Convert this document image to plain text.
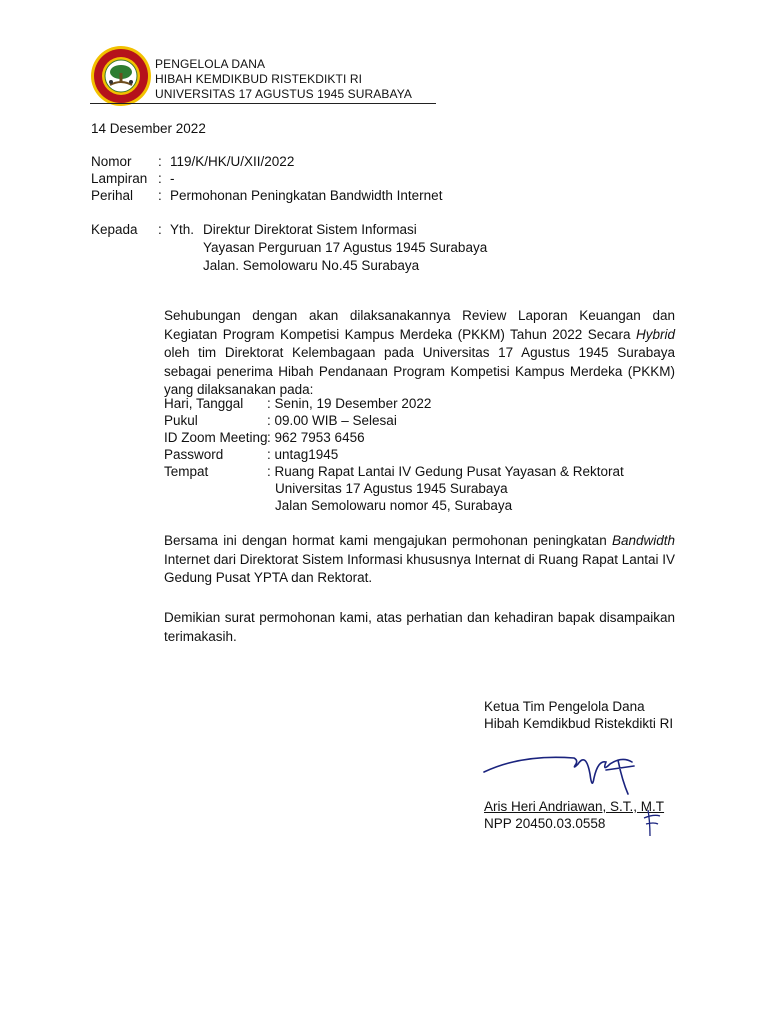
PENGELOLA DANA
HIBAH KEMDIKBUD RISTEKDIKTI RI
UNIVERSITAS 17 AGUSTUS 1945 SURABAYA
14 Desember 2022
Nomor : 119/K/HK/U/XII/2022
Lampiran : -
Perihal : Permohonan Peningkatan Bandwidth Internet
Kepada : Yth. Direktur Direktorat Sistem Informasi
Yayasan Perguruan 17 Agustus 1945 Surabaya
Jalan. Semolowaru No.45 Surabaya

Sehubungan dengan akan dilaksanakannya Review Laporan Keuangan dan Kegiatan Program Kompetisi Kampus Merdeka (PKKM) Tahun 2022 Secara Hybrid oleh tim Direktorat Kelembagaan pada Universitas 17 Agustus 1945 Surabaya sebagai penerima Hibah Pendanaan Program Kompetisi Kampus Merdeka (PKKM) yang dilaksanakan pada:

Hari, Tanggal : Senin, 19 Desember 2022
Pukul	: 09.00 WIB – Selesai
ID Zoom Meeting : 962 7953 6456
Password	: untag1945
Tempat	: Ruang Rapat Lantai IV Gedung Pusat Yayasan & Rektorat
Universitas 17 Agustus 1945 Surabaya
Jalan Semolowaru nomor 45, Surabaya

Bersama ini dengan hormat kami mengajukan permohonan peningkatan Bandwidth Internet dari Direktorat Sistem Informasi khususnya Internat di Ruang Rapat Lantai IV Gedung Pusat YPTA dan Rektorat.

Demikian surat permohonan kami, atas perhatian dan kehadiran bapak disampaikan terimakasih.

Ketua Tim Pengelola Dana
Hibah Kemdikbud Ristekdikti RI
Aris Heri Andriawan, S.T., M.T
NPP 20450.03.0558
